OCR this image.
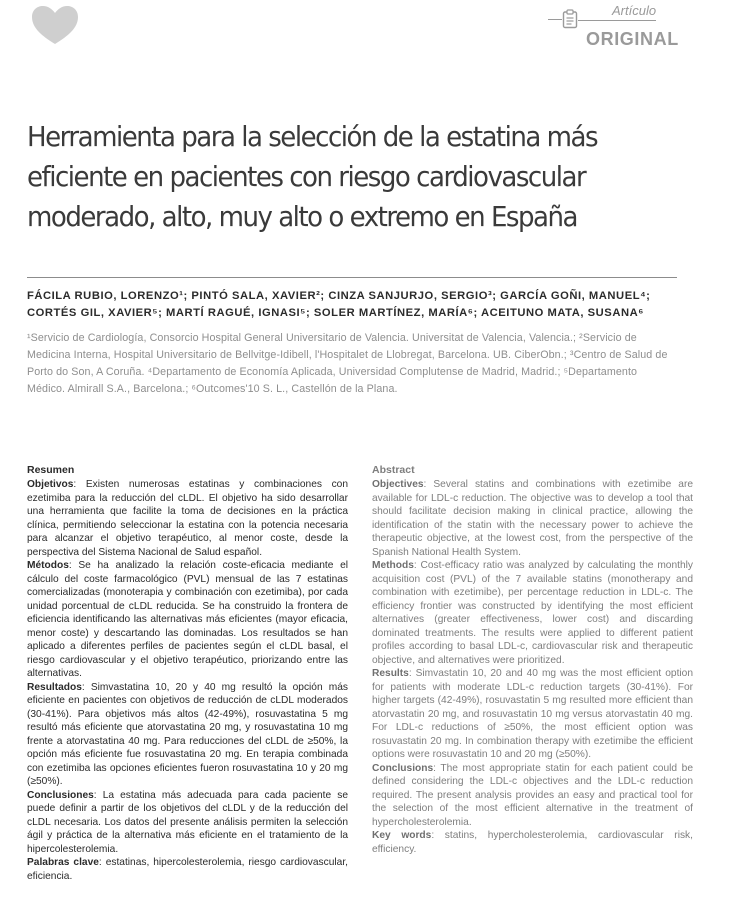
Artículo
ORIGINAL
Herramienta para la selección de la estatina más eficiente en pacientes con riesgo cardiovascular moderado, alto, muy alto o extremo en España

FÁCILA RUBIO, LORENZO¹; PINTÓ SALA, XAVIER²; CINZA SANJURJO, SERGIO³; GARCÍA GOÑI, MANUEL⁴; CORTÉS GIL, XAVIER⁵; MARTÍ RAGUÉ, IGNASI⁵; SOLER MARTÍNEZ, MARÍA⁶; ACEITUNO MATA, SUSANA⁶

¹Servicio de Cardiología, Consorcio Hospital General Universitario de Valencia. Universitat de Valencia, Valencia.; ²Servicio de Medicina Interna, Hospital Universitario de Bellvitge-Idibell, l'Hospitalet de Llobregat, Barcelona. UB. CiberObn.; ³Centro de Salud de Porto do Son, A Coruña. ⁴Departamento de Economía Aplicada, Universidad Complutense de Madrid, Madrid.; ⁵Departamento Médico. Almirall S.A., Barcelona.; ⁶Outcomes'10 S. L., Castellón de la Plana.

Resumen

Objetivos: Existen numerosas estatinas y combinaciones con ezetimiba para la reducción del cLDL. El objetivo ha sido desarrollar una herramienta que facilite la toma de decisiones en la práctica clínica, permitiendo seleccionar la estatina con la potencia necesaria para alcanzar el objetivo terapéutico, al menor coste, desde la perspectiva del Sistema Nacional de Salud español.

Métodos: Se ha analizado la relación coste-eficacia mediante el cálculo del coste farmacológico (PVL) mensual de las 7 estatinas comercializadas (monoterapia y combinación con ezetimiba), por cada unidad porcentual de cLDL reducida. Se ha construido la frontera de eficiencia identificando las alternativas más eficientes (mayor eficacia, menor coste) y descartando las dominadas. Los resultados se han aplicado a diferentes perfiles de pacientes según el cLDL basal, el riesgo cardiovascular y el objetivo terapéutico, priorizando entre las alternativas.

Resultados: Simvastatina 10, 20 y 40 mg resultó la opción más eficiente en pacientes con objetivos de reducción de cLDL moderados (30-41%). Para objetivos más altos (42-49%), rosuvastatina 5 mg resultó más eficiente que atorvastatina 20 mg, y rosuvastatina 10 mg frente a atorvastatina 40 mg. Para reducciones del cLDL de ≥50%, la opción más eficiente fue rosuvastatina 20 mg. En terapia combinada con ezetimiba las opciones eficientes fueron rosuvastatina 10 y 20 mg (≥50%).

Conclusiones: La estatina más adecuada para cada paciente se puede definir a partir de los objetivos del cLDL y de la reducción del cLDL necesaria. Los datos del presente análisis permiten la selección ágil y práctica de la alternativa más eficiente en el tratamiento de la hipercolesterolemia.

Palabras clave: estatinas, hipercolesterolemia, riesgo cardiovascular, eficiencia.

Abstract

Objectives: Several statins and combinations with ezetimibe are available for LDL-c reduction. The objective was to develop a tool that should facilitate decision making in clinical practice, allowing the identification of the statin with the necessary power to achieve the therapeutic objective, at the lowest cost, from the perspective of the Spanish National Health System.

Methods: Cost-efficacy ratio was analyzed by calculating the monthly acquisition cost (PVL) of the 7 available statins (monotherapy and combination with ezetimibe), per percentage reduction in LDL-c. The efficiency frontier was constructed by identifying the most efficient alternatives (greater effectiveness, lower cost) and discarding dominated treatments. The results were applied to different patient profiles according to basal LDL-c, cardiovascular risk and therapeutic objective, and alternatives were prioritized.

Results: Simvastatin 10, 20 and 40 mg was the most efficient option for patients with moderate LDL-c reduction targets (30-41%). For higher targets (42-49%), rosuvastatin 5 mg resulted more efficient than atorvastatin 20 mg, and rosuvastatin 10 mg versus atorvastatin 40 mg. For LDL-c reductions of ≥50%, the most efficient option was rosuvastatin 20 mg. In combination therapy with ezetimibe the efficient options were rosuvastatin 10 and 20 mg (≥50%).

Conclusions: The most appropriate statin for each patient could be defined considering the LDL-c objectives and the LDL-c reduction required. The present analysis provides an easy and practical tool for the selection of the most efficient alternative in the treatment of hypercholesterolemia.

Key words: statins, hypercholesterolemia, cardiovascular risk, efficiency.
